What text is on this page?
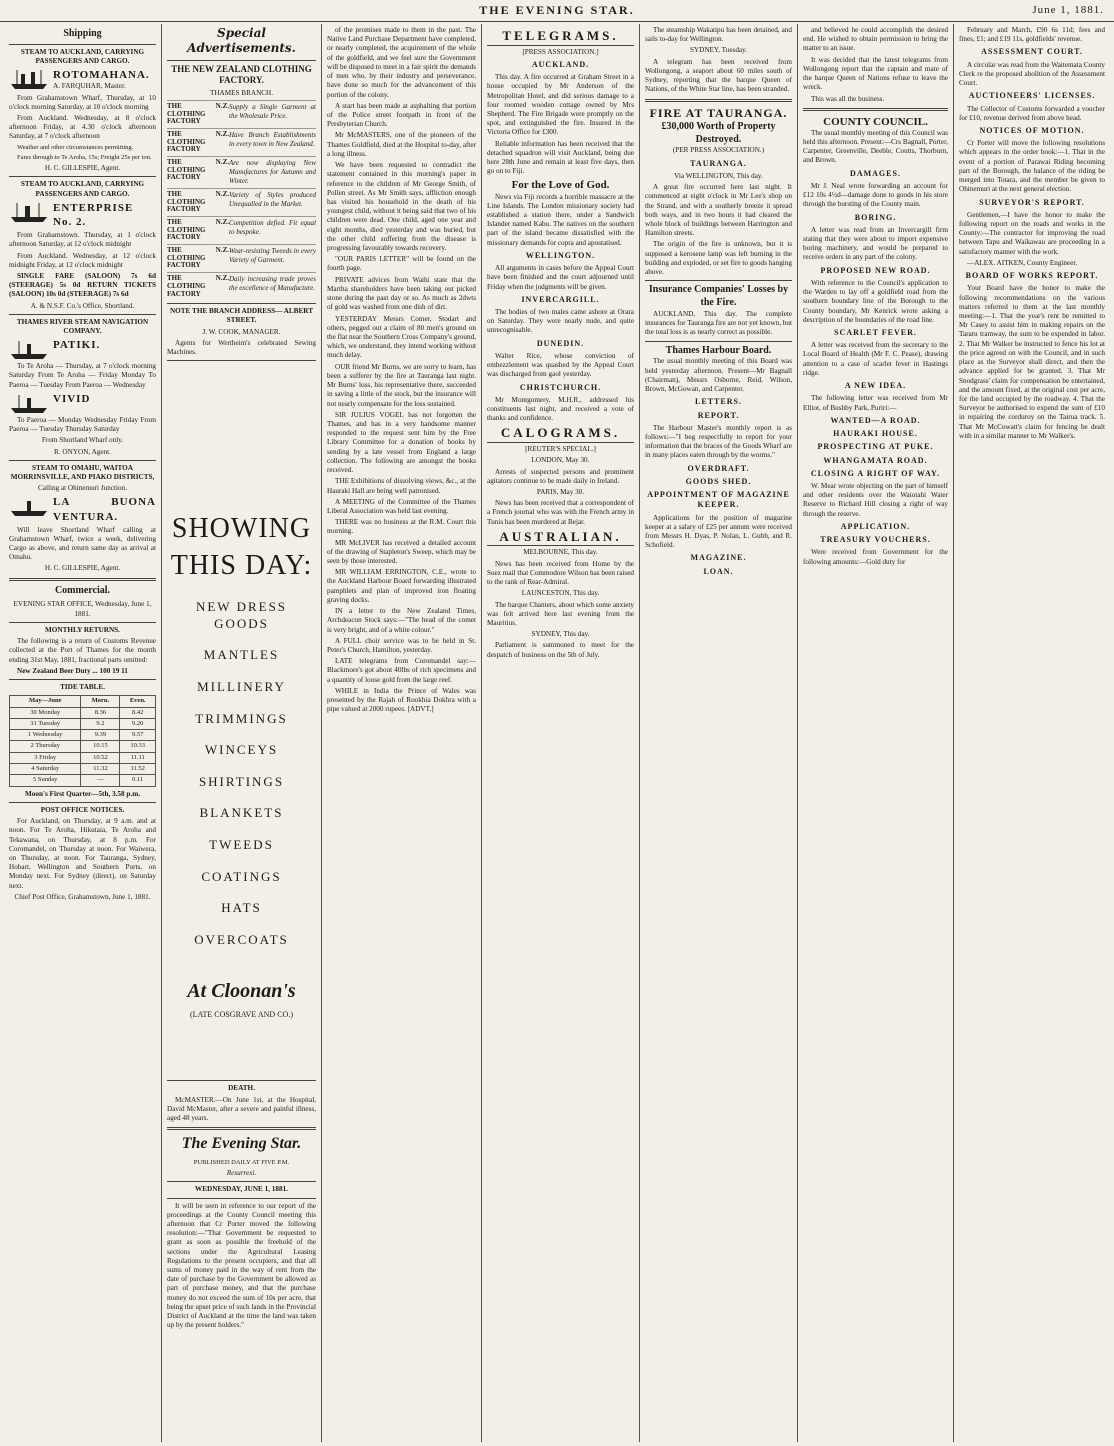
THE EVENING STAR.	June 1, 1881.
Shipping

STEAM TO AUCKLAND, CARRYING PASSENGERS AND CARGO.

ROTOMAHANA.
A. FARQUHAR, Master.

From Grahamstown Wharf, Thursday, at 10 o'clock morning Saturday, at 10 o'clock morning

From Auckland. Wednesday, at 8 o'clock afternoon Friday, at 4.30 o'clock afternoon Saturday, at 7 o'clock afternoon

Weather and other circumstances permitting.

Fares through to Te Aroha, 15s; Freight 25s per ton.

H. C. GILLESPIE, Agent.

STEAM TO AUCKLAND, CARRYING PASSENGERS AND CARGO.

ENTERPRISE No. 2.

From Grahamstown. Thursday, at 1 o'clock afternoon Saturday, at 12 o'clock midnight

From Auckland. Wednesday, at 12 o'clock midnight Friday, at 12 o'clock midnight

SINGLE FARE (SALOON) 7s 6d (STEERAGE) 5s 0d RETURN TICKETS (SALOON) 10s 0d (STEERAGE) 7s 6d

A. & N.S.F. Co.'s Office, Shortland.

THAMES RIVER STEAM NAVIGATION COMPANY.

PATIKI.

To Te Aroha — Thursday, at 7 o'clock morning Saturday From Te Aroha — Friday Monday To Paeroa — Tuesday From Paeroa — Wednesday

VIVID

To Paeroa — Monday Wednesday Friday From Paeroa — Tuesday Thursday Saturday

From Shortland Wharf only.

R. ONYON, Agent.

STEAM TO OMAHU, WAITOA MORRINSVILLE, AND PIAKO DISTRICTS,

Calling at Ohinemuri Junction.

LA BUONA VENTURA.

Will leave Shortland Wharf calling at Grahamstown Wharf, twice a week, delivering Cargo as above, and return same day as arrival at Omahu.

H. C. GILLESPIE, Agent.

Commercial.

EVENING STAR OFFICE, Wednesday, June 1, 1881.

MONTHLY RETURNS.

The following is a return of Customs Revenue collected at the Port of Thames for the month ending 31st May, 1881, fractional parts omitted:

New Zealand Beer Duty ... 100 19 11

TIDE TABLE.

May—June	Morn.	Even.
30 Monday	8.36	8.42
31 Tuesday	9.2	9.20
1 Wednesday	9.39	9.57
2 Thursday	10.15	10.33
3 Friday	10.52	11.11
4 Saturday	11.32	11.52
5 Sunday	—	0.11

Moon's First Quarter—5th, 3.58 p.m.

POST OFFICE NOTICES.

For Auckland, on Thursday, at 9 a.m. and at noon. For Te Aroha, Hikutaia, Te Aroha and Tekawana, on Thursday, at 8 p.m. For Coromandel, on Thursday at noon. For Waiwera, on Thursday, at noon. For Tauranga, Sydney, Hobart, Wellington and Southern Ports, on Monday next. For Sydney (direct), on Saturday next.

Chief Post Office, Grahamstown, June 1, 1881.

Special Advertisements.

THE NEW ZEALAND CLOTHING FACTORY.

THAMES BRANCH.

THE N.Z. CLOTHING FACTORY
Supply a Single Garment at the Wholesale Price.
THE N.Z. CLOTHING FACTORY
Have Branch Establishments in every town in New Zealand.
THE N.Z. CLOTHING FACTORY
Are now displaying New Manufactures for Autumn and Winter.
THE N.Z. CLOTHING FACTORY
Variety of Styles produced Unequalled in the Market.
THE N.Z. CLOTHING FACTORY
Competition defied. Fit equal to bespoke.
THE N.Z. CLOTHING FACTORY
Wear-resisting Tweeds in every Variety of Garment.
THE N.Z. CLOTHING FACTORY
Daily increasing trade proves the excellence of Manufacture.

NOTE THE BRANCH ADDRESS— ALBERT STREET.

J. W. COOK, MANAGER.

Agents for Wertheim's celebrated Sewing Machines.

SHOWING THIS DAY:
NEW DRESS GOODS
MANTLES
MILLINERY
TRIMMINGS
WINCEYS
SHIRTINGS
BLANKETS
TWEEDS
COATINGS
HATS
OVERCOATS
At Cloonan's
(LATE COSGRAVE AND CO.)

DEATH.

McMASTER.—On June 1st, at the Hospital, David McMaster, after a severe and painful illness, aged 48 years.

The Evening Star.

PUBLISHED DAILY AT FIVE P.M.

Resurrexi.

WEDNESDAY, JUNE 1, 1881.

It will be seen in reference to our report of the proceedings at the County Council meeting this afternoon that Cr Porter moved the following resolution:—"That Government be requested to grant as soon as possible the freehold of the sections under the Agricultural Leasing Regulations to the present occupiers, and that all sums of money paid in the way of rent from the date of purchase by the Government be allowed as part of purchase money, and that the purchase money do not exceed the sum of 10s per acre, that being the upset price of such lands in the Provincial District of Auckland at the time the land was taken up by the present holders."

of the promises made to them in the past. The Native Land Purchase Department have completed, or nearly completed, the acquirement of the whole of the goldfield, and we feel sure the Government will be disposed to meet in a fair spirit the demands of men who, by their industry and perseverance, have done so much for the advancement of this portion of the colony.

A start has been made at asphalting that portion of the Police street footpath in front of the Presbyterian Church.

Mr McMASTERS, one of the pioneers of the Thames Goldfield, died at the Hospital to-day, after a long illness.

We have been requested to contradict the statement contained in this morning's paper in reference to the children of Mr George Smith, of Pollen street. As Mr Smith says, affliction enough has visited his household in the death of his youngest child, without it being said that two of his children were dead. One child, aged one year and eight months, died yesterday and was buried, but the other child suffering from the disease is progressing favourably towards recovery.

"OUR PARIS LETTER" will be found on the fourth page.

PRIVATE advices from Waihi state that the Martha shareholders have been taking out picked stone during the past day or so. As much as 2dwts of gold was washed from one dish of dirt.

YESTERDAY Messrs Comer, Stodart and others, pegged out a claim of 80 men's ground on the flat near the Southern Cross Company's ground, which, we understand, they intend working without much delay.

OUR friend Mr Burns, we are sorry to learn, has been a sufferer by the fire at Tauranga last night. Mr Burns' loss, his representative there, succeeded in saving a little of the stock, but the insurance will not nearly compensate for the loss sustained.

SIR JULIUS VOGEL has not forgotten the Thames, and has in a very handsome manner responded to the request sent him by the Free Library Committee for a donation of books by sending by a late vessel from England a large collection. The following are amongst the books received.

THE Exhibitions of dissolving views, &c., at the Hauraki Hall are being well patronised.

A MEETING of the Committee of the Thames Liberal Association was held last evening.

THERE was no business at the R.M. Court this morning.

MR McLIVER has received a detailed account of the drawing of Stapleton's Sweep, which may be seen by those interested.

MR WILLIAM ERRINGTON, C.E., wrote to the Auckland Harbour Board forwarding illustrated pamphlets and plan of improved iron floating graving docks.

IN a letter to the New Zealand Times, Archdeacon Stock says:—"The head of the comet is very bright, and of a white colour."

A FULL choir service was to be held in St. Peter's Church, Hamilton, yesterday.

LATE telegrams from Coromandel say:—Blackmore's got about 40lbs of rich specimens and a quantity of loose gold from the large reef.

WHILE in India the Prince of Wales was presented by the Rajah of Rookhia Dokhra with a pipe valued at 2000 rupees. [ADVT.]

TELEGRAMS.

[PRESS ASSOCIATION.]

AUCKLAND.

This day. A fire occurred at Graham Street in a house occupied by Mr Anderson of the Metropolitan Hotel, and did serious damage to a four roomed wooden cottage owned by Mrs Shepherd. The Fire Brigade were promptly on the spot, and extinguished the fire. Insured in the Victoria Office for £300.

Reliable information has been received that the detached squadron will visit Auckland, being due here 28th June and remain at least five days, then go on to Fiji.

For the Love of God.

News via Fiji records a horrible massacre at the Line Islands. The London missionary society had established a station there, under a Sandwich Islander named Kabu. The natives on the southern part of the island became dissatisfied with the missionary demands for copra and apostatised.

WELLINGTON.

All arguments in cases before the Appeal Court have been finished and the court adjourned until Friday when the judgments will be given.

INVERCARGILL.

The bodies of two males came ashore at Orara on Saturday. They were nearly nude, and quite unrecognisable.

DUNEDIN.

Walter Rice, whose conviction of embezzlement was quashed by the Appeal Court was discharged from gaol yesterday.

CHRISTCHURCH.

Mr Montgomery, M.H.R., addressed his constituents last night, and received a vote of thanks and confidence.

CALOGRAMS.

[REUTER'S SPECIAL.]

LONDON, May 30.

Arrests of suspected persons and prominent agitators continue to be made daily in Ireland.

PARIS, May 30.

News has been received that a correspondent of a French journal who was with the French army in Tunis has been murdered at Bejar.

AUSTRALIAN.

MELBOURNE, This day.

News has been received from Home by the Suez mail that Commodore Wilson has been raised to the rank of Rear-Admiral.

LAUNCESTON, This day.

The barque Chanters, about which some anxiety was felt arrived here last evening from the Mauritius.

SYDNEY, This day.

Parliament is summoned to meet for the despatch of business on the 5th of July.

The steamship Wakatipu has been detained, and sails to-day for Wellington.

SYDNEY, Tuesday.

A telegram has been received from Wollongong, a seaport about 60 miles south of Sydney, reporting that the barque Queen of Nations, of the White Star line, has been stranded.

FIRE AT TAURANGA.
£30,000 Worth of Property Destroyed.

(PER PRESS ASSOCIATION.)

TAURANGA.

Via WELLINGTON, This day.

A great fire occurred here last night. It commenced at eight o'clock in Mr Lee's shop on the Strand, and with a southerly breeze it spread both ways, and in two hours it had cleared the whole block of buildings between Harrington and Hamilton streets.

The origin of the fire is unknown, but it is supposed a kerosene lamp was left burning in the building and exploded, or set fire to goods hanging above.

Insurance Companies' Losses by the Fire.

AUCKLAND, This day. The complete insurances for Tauranga fire are not yet known, but the total loss is as nearly correct as possible.

Thames Harbour Board.

The usual monthly meeting of this Board was held yesterday afternoon. Present—Mr Bagnall (Chairman), Messrs Osborne, Reid, Wilson, Brown, McGowan, and Carpenter.

LETTERS.
REPORT.

The Harbour Master's monthly report is as follows:—"I beg respectfully to report for your information that the braces of the Goods Wharf are in many places eaten through by the worms."

OVERDRAFT.
GOODS SHED.
APPOINTMENT OF MAGAZINE KEEPER.

Applications for the position of magazine keeper at a salary of £25 per annum were received from Messrs H. Dyas, P. Nolan, L. Gubb, and R. Schofield.

MAGAZINE.
LOAN.

and believed he could accomplish the desired end. He wished to obtain permission to bring the matter to an issue.

It was decided that the latest telegrams from Wollongong report that the captain and mate of the barque Queen of Nations refuse to leave the wreck.

This was all the business.

COUNTY COUNCIL.

The usual monthly meeting of this Council was held this afternoon. Present:—Crs Bagnall, Porter, Carpenter, Greenville, Deeble, Coutts, Thorburn, and Brown.

DAMAGES.

Mr J. Neal wrote forwarding an account for £12 10s 4½d—damage done to goods in his store through the bursting of the County main.

BORING.

A letter was read from an Invercargill firm stating that they were about to import expensive boring machinery, and would be prepared to receive orders in any part of the colony.

PROPOSED NEW ROAD.

With reference to the Council's application to the Warden to lay off a goldfield road from the southern boundary line of the Borough to the County boundary, Mr Kenrick wrote asking a description of the boundaries of the road line.

SCARLET FEVER.

A letter was received from the secretary to the Local Board of Health (Mr F. C. Pease), drawing attention to a case of scarlet fever in Hastings ridge.

A NEW IDEA.

The following letter was received from Mr Elliot, of Bushby Park, Puriri:—

WANTED—A ROAD.
HAURAKI HOUSE.
PROSPECTING AT PUKE.
WHANGAMATA ROAD.
CLOSING A RIGHT OF WAY.

W. Mear wrote objecting on the part of himself and other residents over the Waiotahi Water Reserve to Richard Hill closing a right of way through the reserve.

APPLICATION.
TREASURY VOUCHERS.

Were received from Government for the following amounts:—Gold duty for

February and March, £90 6s 11d; fees and fines, £1; and £19 11s, goldfields' revenue.

ASSESSMENT COURT.

A circular was read from the Waitemata County Clerk re the proposed abolition of the Assessment Court.

AUCTIONEERS' LICENSES.

The Collector of Customs forwarded a voucher for £10, revenue derived from above head.

NOTICES OF MOTION.

Cr Porter will move the following resolutions which appears in the order book:—1. That in the event of a portion of Parawai Riding becoming part of the Borough, the balance of the riding be merged into Totara, and the member be given to Ohinemuri at the next general election.

SURVEYOR'S REPORT.

Gentlemen,—I have the honor to make the following report on the roads and works in the County:—The contractor for improving the road between Tapu and Waikawau are proceeding in a satisfactory manner with the work.

—ALEX. AITKEN, County Engineer.

BOARD OF WORKS REPORT.

Your Board have the honor to make the following recommendations on the various matters referred to them at the last monthly meeting:—1. That the year's rent be remitted to Mr Casey to assist him in making repairs on the Tararu tramway, the sum to be expended in labor. 2. That Mr Walker be instructed to fence his lot at the price agreed on with the Council, and in such place as the Surveyor shall direct, and then the advance applied for be granted. 3. That Mr Snodgrass' claim for compensation be entertained, and the amount fixed, at the original cost per acre, for the land occupied by the roadway. 4. That the Surveyor be authorised to expend the sum of £10 in repairing the corduroy on the Tairua track. 5. That Mr McCowatt's claim for fencing be dealt with in a similar manner to Mr Walker's.
